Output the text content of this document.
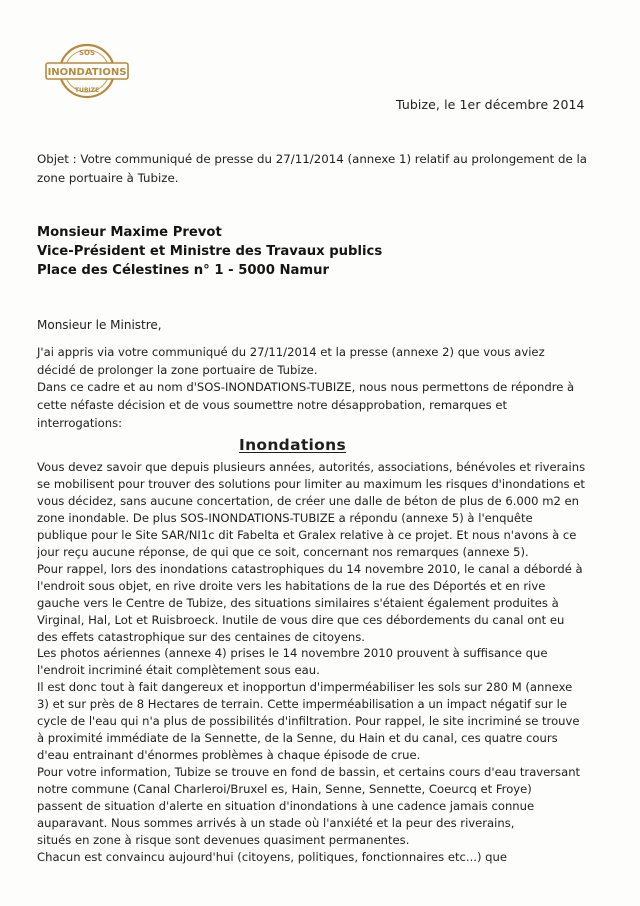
SOS
INONDATIONS
TUBIZE
Tubize, le 1er décembre 2014
Objet : Votre communiqué de presse du 27/11/2014 (annexe 1) relatif au prolongement de la
zone portuaire à Tubize.
Monsieur Maxime Prevot
Vice-Président et Ministre des Travaux publics
Place des Célestines n° 1 - 5000 Namur
Monsieur le Ministre,
J'ai appris via votre communiqué du 27/11/2014 et la presse (annexe 2) que vous aviez
décidé de prolonger la zone portuaire de Tubize.
Dans ce cadre et au nom d'SOS-INONDATIONS-TUBIZE, nous nous permettons de répondre à
cette néfaste décision et de vous soumettre notre désapprobation, remarques et
interrogations:
Inondations
Vous devez savoir que depuis plusieurs années, autorités, associations, bénévoles et riverains
se mobilisent pour trouver des solutions pour limiter au maximum les risques d'inondations et
vous décidez, sans aucune concertation, de créer une dalle de béton de plus de 6.000 m2 en
zone inondable. De plus SOS-INONDATIONS-TUBIZE a répondu (annexe 5) à l'enquête
publique pour le Site SAR/NI1c dit Fabelta et Gralex relative à ce projet. Et nous n'avons à ce
jour reçu aucune réponse, de qui que ce soit, concernant nos remarques (annexe 5).
Pour rappel, lors des inondations catastrophiques du 14 novembre 2010, le canal a débordé à
l'endroit sous objet, en rive droite vers les habitations de la rue des Déportés et en rive
gauche vers le Centre de Tubize, des situations similaires s'étaient également produites à
Virginal, Hal, Lot et Ruisbroeck. Inutile de vous dire que ces débordements du canal ont eu
des effets catastrophique sur des centaines de citoyens.
Les photos aériennes (annexe 4) prises le 14 novembre 2010 prouvent à suffisance que
l'endroit incriminé était complètement sous eau.
Il est donc tout à fait dangereux et inopportun d'imperméabiliser les sols sur 280 M (annexe
3) et sur près de 8 Hectares de terrain. Cette imperméabilisation a un impact négatif sur le
cycle de l'eau qui n'a plus de possibilités d'infiltration. Pour rappel, le site incriminé se trouve
à proximité immédiate de la Sennette, de la Senne, du Hain et du canal, ces quatre cours
d'eau entrainant d'énormes problèmes à chaque épisode de crue.
Pour votre information, Tubize se trouve en fond de bassin, et certains cours d'eau traversant
notre commune (Canal Charleroi/Bruxel es, Hain, Senne, Sennette, Coeurcq et Froye)
passent de situation d'alerte en situation d'inondations à une cadence jamais connue
auparavant. Nous sommes arrivés à un stade où l'anxiété et la peur des riverains,
situés en zone à risque sont devenues quasiment permanentes.
Chacun est convaincu aujourd'hui (citoyens, politiques, fonctionnaires etc...) que
